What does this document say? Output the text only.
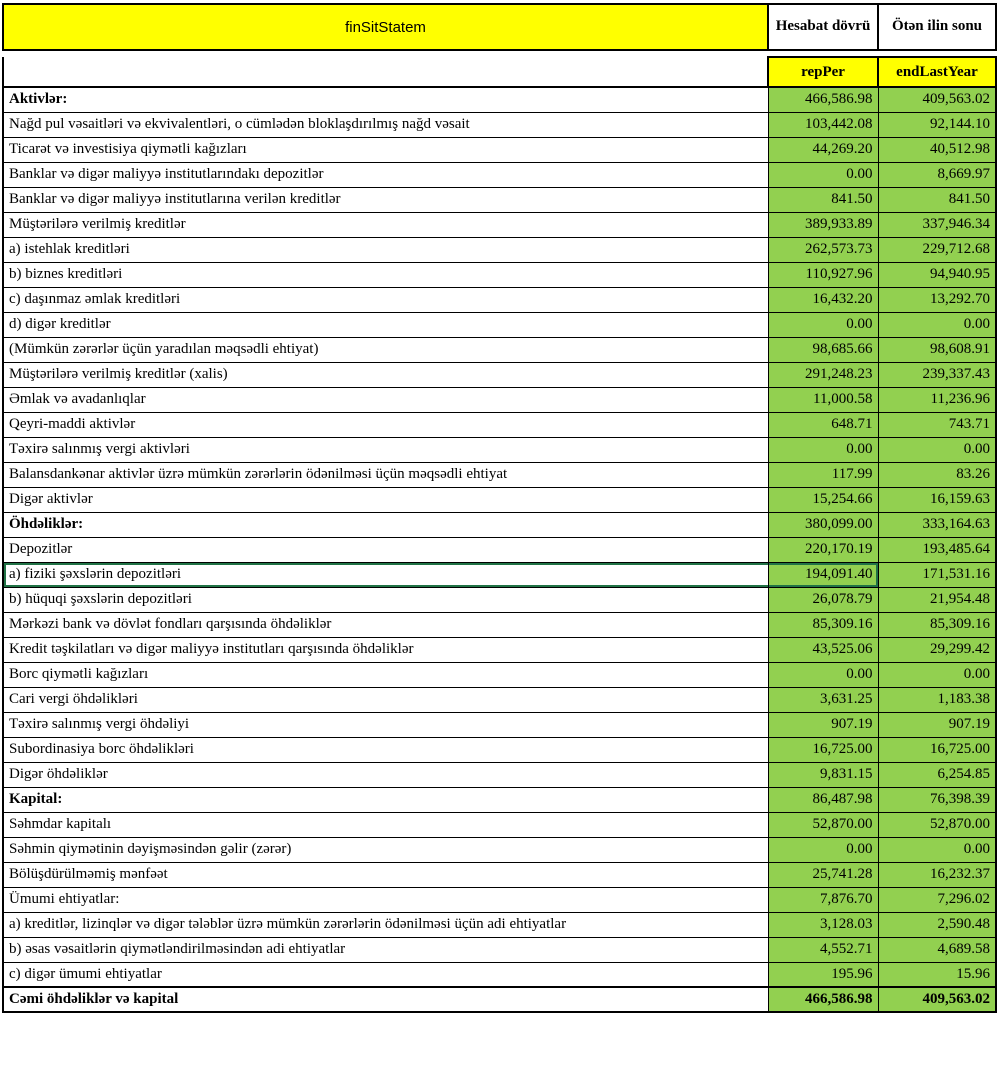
finSitStatem	Hesabat dövrü	Ötən ilin sonu

	repPer	endLastYear
Aktivlər:	466,586.98	409,563.02
Nağd pul vəsaitləri və ekvivalentləri, o cümlədən bloklaşdırılmış nağd vəsait	103,442.08	92,144.10
Ticarət və investisiya qiymətli kağızları	44,269.20	40,512.98
Banklar və digər maliyyə institutlarındakı depozitlər	0.00	8,669.97
Banklar və digər maliyyə institutlarına verilən kreditlər	841.50	841.50
Müştərilərə verilmiş kreditlər	389,933.89	337,946.34
a) istehlak kreditləri	262,573.73	229,712.68
b) biznes kreditləri	110,927.96	94,940.95
c) daşınmaz əmlak kreditləri	16,432.20	13,292.70
d) digər kreditlər	0.00	0.00
(Mümkün zərərlər üçün yaradılan məqsədli ehtiyat)	98,685.66	98,608.91
Müştərilərə verilmiş kreditlər (xalis)	291,248.23	239,337.43
Əmlak və avadanlıqlar	11,000.58	11,236.96
Qeyri-maddi aktivlər	648.71	743.71
Təxirə salınmış vergi aktivləri	0.00	0.00
Balansdankənar aktivlər üzrə mümkün zərərlərin ödənilməsi üçün məqsədli ehtiyat	117.99	83.26
Digər aktivlər	15,254.66	16,159.63
Öhdəliklər:	380,099.00	333,164.63
Depozitlər	220,170.19	193,485.64
a) fiziki şəxslərin depozitləri	194,091.40	171,531.16
b) hüquqi şəxslərin depozitləri	26,078.79	21,954.48
Mərkəzi bank və dövlət fondları qarşısında öhdəliklər	85,309.16	85,309.16
Kredit təşkilatları və digər maliyyə institutları qarşısında öhdəliklər	43,525.06	29,299.42
Borc qiymətli kağızları	0.00	0.00
Cari vergi öhdəlikləri	3,631.25	1,183.38
Təxirə salınmış vergi öhdəliyi	907.19	907.19
Subordinasiya borc öhdəlikləri	16,725.00	16,725.00
Digər öhdəliklər	9,831.15	6,254.85
Kapital:	86,487.98	76,398.39
Səhmdar kapitalı	52,870.00	52,870.00
Səhmin qiymətinin dəyişməsindən gəlir (zərər)	0.00	0.00
Bölüşdürülməmiş mənfəət	25,741.28	16,232.37
Ümumi ehtiyatlar:	7,876.70	7,296.02
a) kreditlər, lizinqlər və digər tələblər üzrə mümkün zərərlərin ödənilməsi üçün adi ehtiyatlar	3,128.03	2,590.48
b) əsas vəsaitlərin qiymətləndirilməsindən adi ehtiyatlar	4,552.71	4,689.58
c) digər ümumi ehtiyatlar	195.96	15.96
Cəmi öhdəliklər və kapital	466,586.98	409,563.02
